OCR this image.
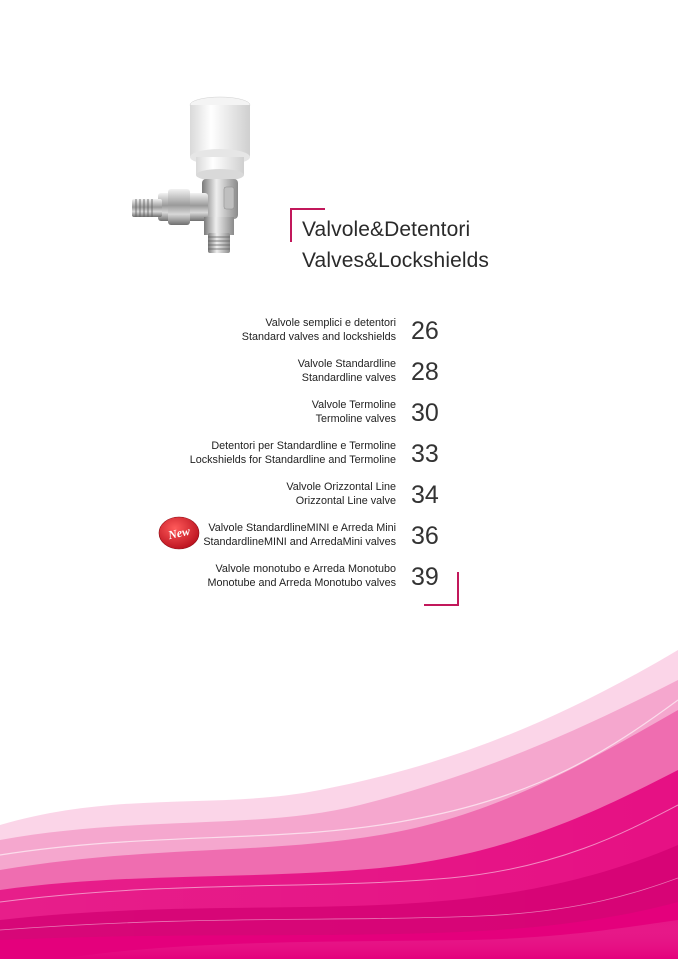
Valvole&Detentori
Valves&Lockshields
Valvole semplici e detentori
Standard valves and lockshields 26
Valvole Standardline
Standardline valves 28
Valvole Termoline
Termoline valves 30
Detentori per Standardline e Termoline
Lockshields for Standardline and Termoline 33
Valvole Orizzontal Line
Orizzontal Line valve 34
Valvole StandardlineMINI e Arreda Mini
StandardlineMINI and ArredaMini valves 36
Valvole monotubo e Arreda Monotubo
Monotube and Arreda Monotubo valves 39
New
